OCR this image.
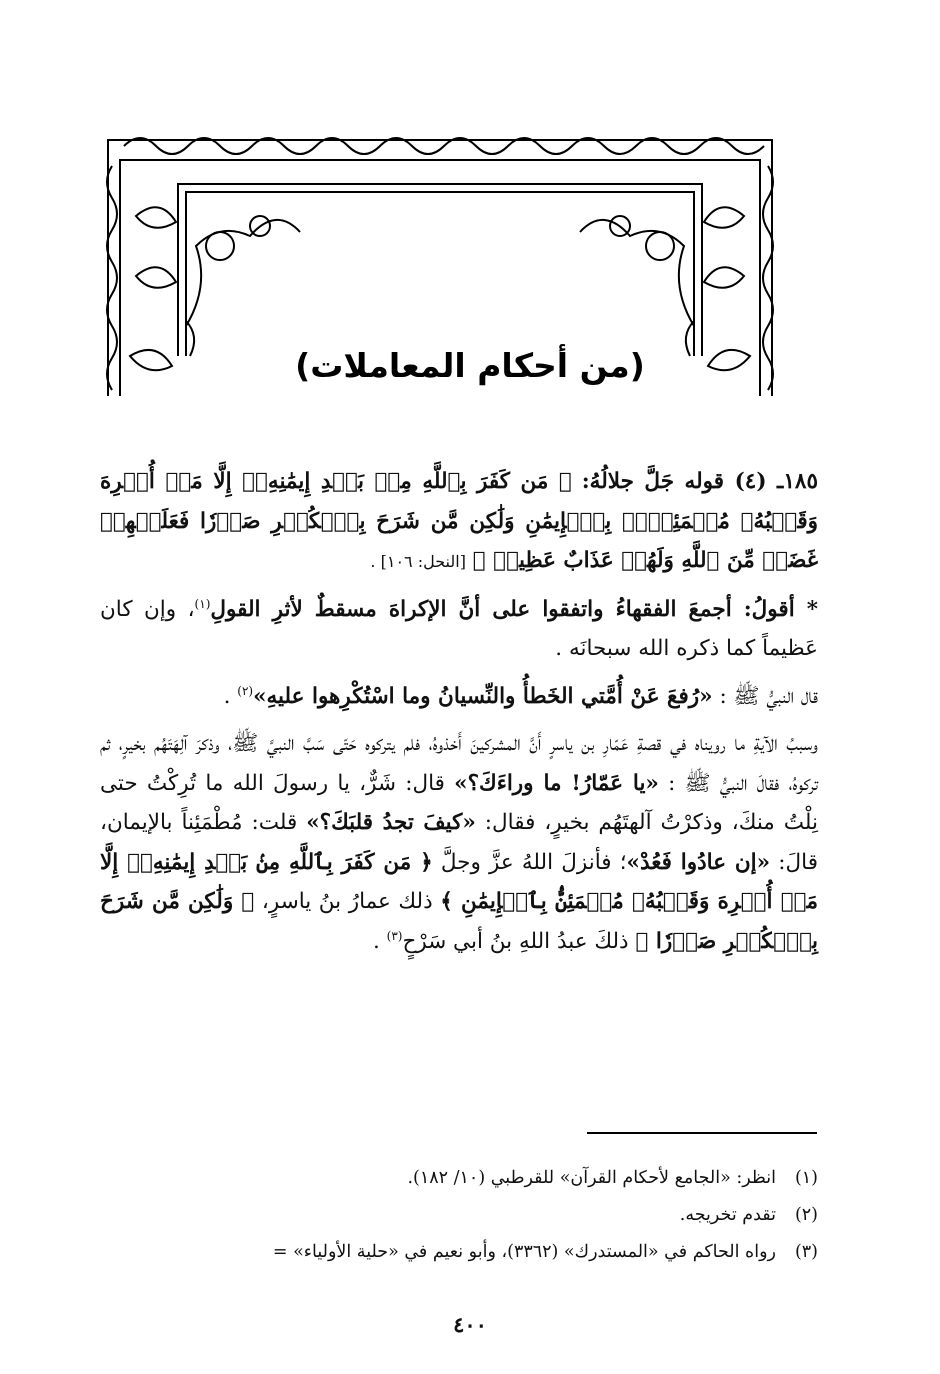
(من أحكام المعاملات)

١٨٥ـ (٤) قوله جَلَّ جلالُهُ: ﴿ مَن كَفَرَ بِٱللَّهِ مِنۢ بَعۡدِ إِيمَٰنِهِۦٓ إِلَّا مَنۡ أُكۡرِهَ وَقَلۡبُهُۥ مُطۡمَئِنُّۢ بِٱلۡإِيمَٰنِ وَلَٰكِن مَّن شَرَحَ بِٱلۡكُفۡرِ صَدۡرٗا فَعَلَيۡهِمۡ غَضَبٞ مِّنَ ٱللَّهِ وَلَهُمۡ عَذَابٌ عَظِيمٞ ﴾ [النحل: ١٠٦] .

* أقولُ: أجمعَ الفقهاءُ واتفقوا على أنَّ الإكراهَ مسقطٌ لأثرِ القولِ$^{(١)}$، وإن كان عَظيماً كما ذكره الله سبحانَه .

قال النبيُّ ﷺ : «رُفعَ عَنْ أُمَّتي الخَطأُ والنِّسيانُ وما اسْتُكْرِهوا عليهِ»$^{(٢)}$ .

وسببُ الآيةِ ما رويناه في قصةِ عَمّارِ بن ياسرٍ أَنَّ المشركينَ أَخذوهُ، فلم يتركوه حَتّى سَبَّ النبيَّ ﷺ، وذكرَ آلِهَتَهُم بخيرٍ، ثم تركوهُ، فقالَ النبيُّ ﷺ : «يا عَمّارُ! ما وراءَكَ؟» قال: شَرٌّ، يا رسولَ الله ما تُرِكْتُ حتى نِلْتُ منكَ، وذكرْتُ آلهتَهُم بخيرٍ، فقال: «كيفَ تجدُ قلبَكَ؟» قلت: مُطْمَئِناً بالإيمان، قالَ: «إن عادُوا فَعُدْ»؛ فأنزلَ اللهُ عزَّ وجلَّ ﴿ مَن كَفَرَ بِٱللَّهِ مِنۢ بَعۡدِ إِيمَٰنِهِۦٓ إِلَّا مَنۡ أُكۡرِهَ وَقَلۡبُهُۥ مُطۡمَئِنُّۢ بِٱلۡإِيمَٰنِ ﴾ ذلك عمارُ بنُ ياسرٍ، ﴿ وَلَٰكِن مَّن شَرَحَ بِٱلۡكُفۡرِ صَدۡرٗا ﴾ ذلكَ عبدُ اللهِ بنُ أبي سَرْحٍ$^{(٣)}$ .

(١)
انظر: «الجامع لأحكام القرآن» للقرطبي (١٠/ ١٨٢).
(٢)
تقدم تخريجه.
(٣)
رواه الحاكم في «المستدرك» (٣٣٦٢)، وأبو نعيم في «حلية الأولياء» =
٤٠٠
